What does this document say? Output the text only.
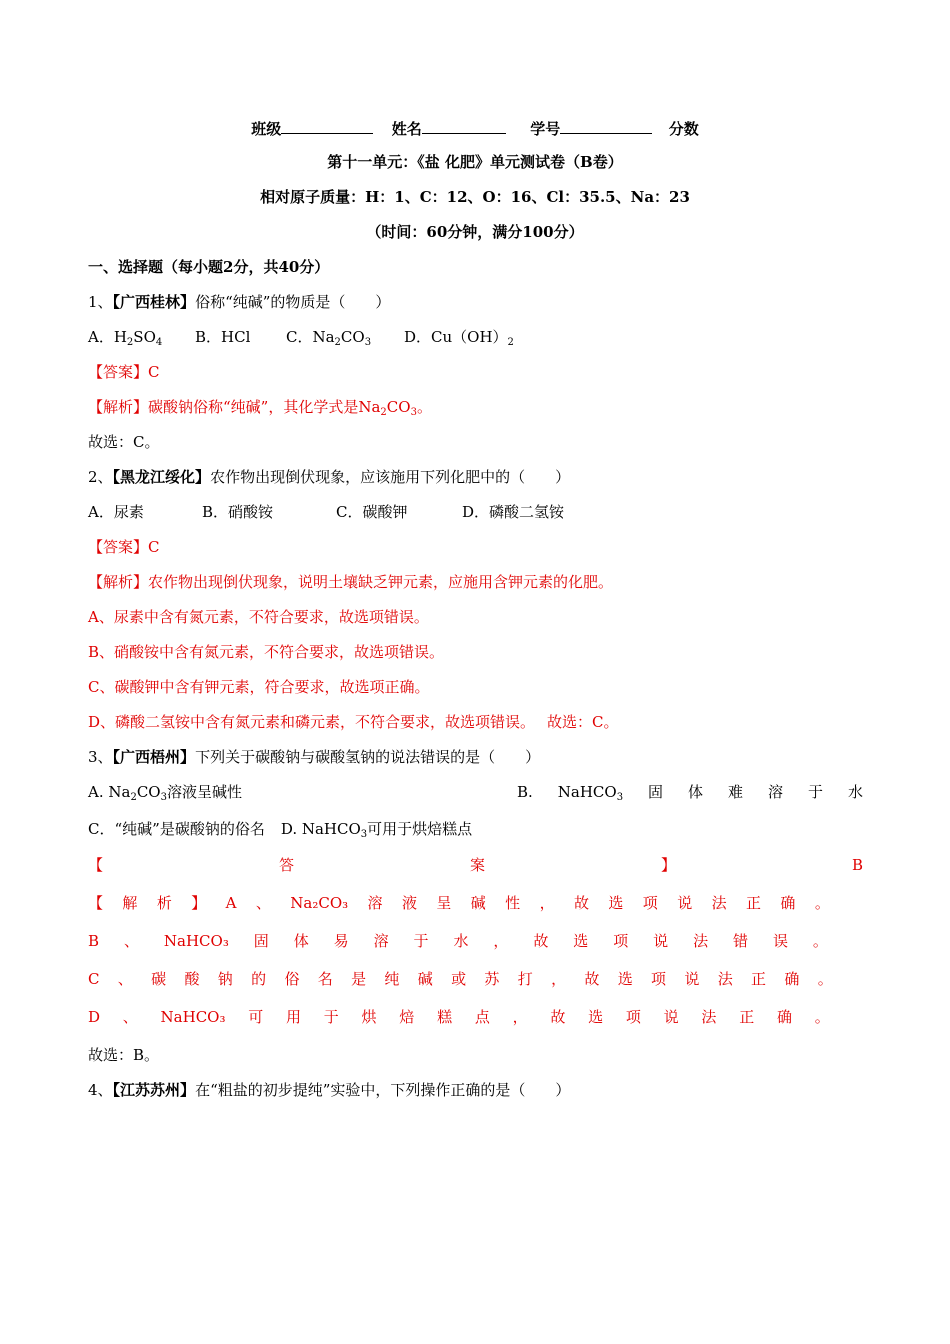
班级	姓名	学号	分数
第十一单元：《盐 化肥》单元测试卷（B卷）
相对原子质量：H：1、C：12、O：16、Cl：35.5、Na：23
（时间：60分钟，满分100分）
一、选择题（每小题2分，共40分）
1、【广西桂林】俗称“纯碱”的物质是（　　）
A．$H_2SO_4$ B．HCl C．$Na_2CO_3$ D．$Cu(OH)_2$
【答案】C
【解析】碳酸钠俗称“纯碱”，其化学式是$Na_2CO_3$。
故选：C。
2、【黑龙江绥化】农作物出现倒伏现象，应该施用下列化肥中的（　　）
A．尿素	B．硝酸铵	C．碳酸钾	D．磷酸二氢铵
【答案】C
【解析】农作物出现倒伏现象，说明土壤缺乏钾元素，应施用含钾元素的化肥。
A、尿素中含有氮元素，不符合要求，故选项错误。
B、硝酸铵中含有氮元素，不符合要求，故选项错误。
C、碳酸钾中含有钾元素，符合要求，故选项正确。
D、磷酸二氢铵中含有氮元素和磷元素，不符合要求，故选项错误。 故选：C。
3、【广西梧州】下列关于碳酸钠与碳酸氢钠的说法错误的是（　　）
A. $Na_2CO_3$溶液呈碱性	B. NaHCO$_3$ 固 体 难 溶 于 水
C．“纯碱”是碳酸钠的俗名 D. NaHCO$_3$可用于烘焙糕点
【	答	案	】	B
【 解 析 】 A 、 Na₂CO₃ 溶 液 呈 碱 性 ， 故 选 项 说 法 正 确 。
B 、 NaHCO₃ 固 体 易 溶 于 水 ， 故 选 项 说 法 错 误 。
C 、 碳 酸 钠 的 俗 名 是 纯 碱 或 苏 打 ， 故 选 项 说 法 正 确 。
D 、 NaHCO₃ 可 用 于 烘 焙 糕 点 ， 故 选 项 说 法 正 确 。
故选：B。
4、【江苏苏州】在“粗盐的初步提纯”实验中，下列操作正确的是（　　）
